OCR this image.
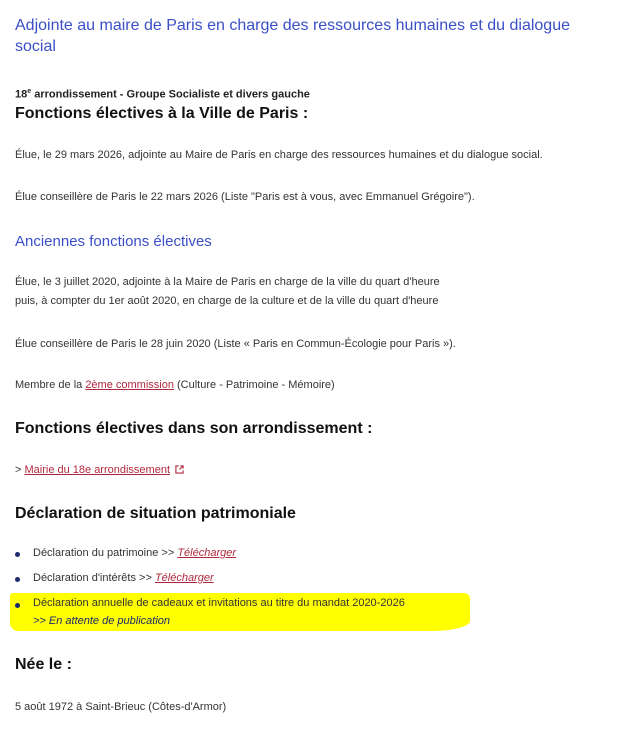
Adjointe au maire de Paris en charge des ressources humaines et du dialogue social
18e arrondissement - Groupe Socialiste et divers gauche
Fonctions électives à la Ville de Paris :
Élue, le 29 mars 2026, adjointe au Maire de Paris en charge des ressources humaines et du dialogue social.
Élue conseillère de Paris le 22 mars 2026 (Liste "Paris est à vous, avec Emmanuel Grégoire").
Anciennes fonctions électives
Élue, le 3 juillet 2020, adjointe à la Maire de Paris en charge de la ville du quart d'heure
puis, à compter du 1er août 2020, en charge de la culture et de la ville du quart d'heure
Élue conseillère de Paris le 28 juin 2020 (Liste « Paris en Commun-Écologie pour Paris »).
Membre de la 2ème commission (Culture - Patrimoine - Mémoire)
Fonctions électives dans son arrondissement :
> Mairie du 18e arrondissement
Déclaration de situation patrimoniale
Déclaration du patrimoine >> Télécharger
Déclaration d'intérêts >> Télécharger
Déclaration annuelle de cadeaux et invitations au titre du mandat 2020-2026
>> En attente de publication
Née le :
5 août 1972 à Saint-Brieuc (Côtes-d'Armor)
